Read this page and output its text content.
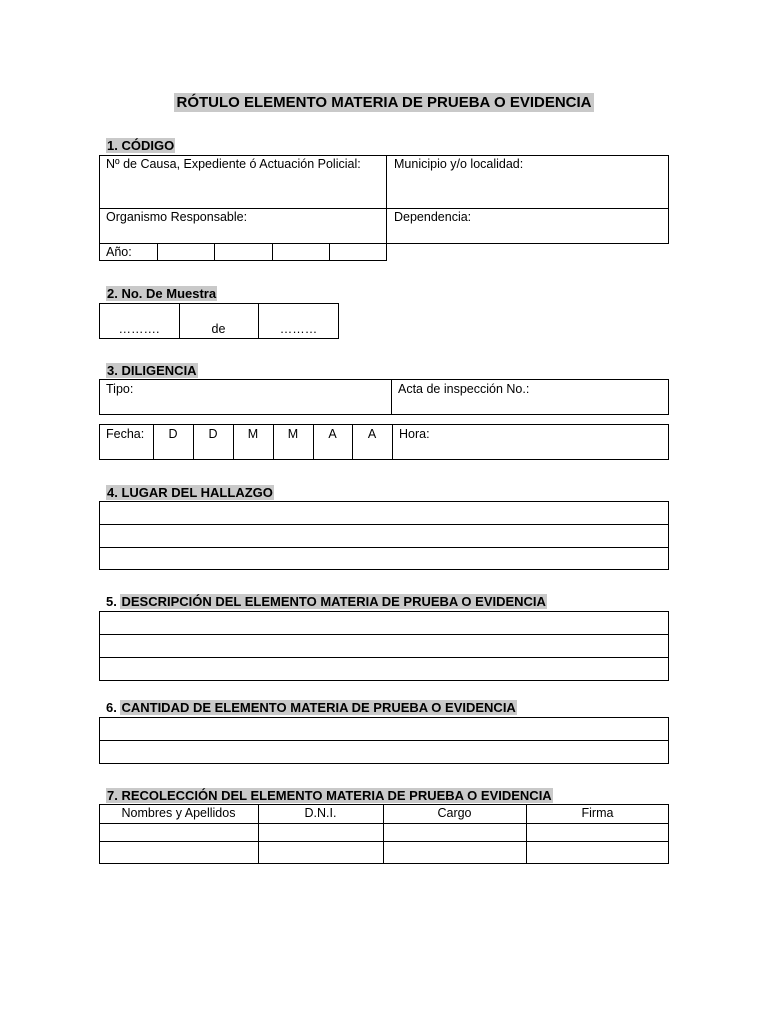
RÓTULO ELEMENTO MATERIA DE PRUEBA O EVIDENCIA
1. CÓDIGO
Nº de Causa, Expediente ó Actuación Policial:	Municipio y/o localidad:
Organismo Responsable:	Dependencia:
Año:
2. No. De Muestra
……….	de	………
3. DILIGENCIA
Tipo:	Acta de inspección No.:
Fecha:	D	D	M	M	A	A	Hora:
4. LUGAR DEL HALLAZGO
5. DESCRIPCIÓN DEL ELEMENTO MATERIA DE PRUEBA O EVIDENCIA
6. CANTIDAD DE ELEMENTO MATERIA DE PRUEBA O EVIDENCIA
7. RECOLECCIÓN DEL ELEMENTO MATERIA DE PRUEBA O EVIDENCIA
Nombres y Apellidos	D.N.I.	Cargo	Firma
